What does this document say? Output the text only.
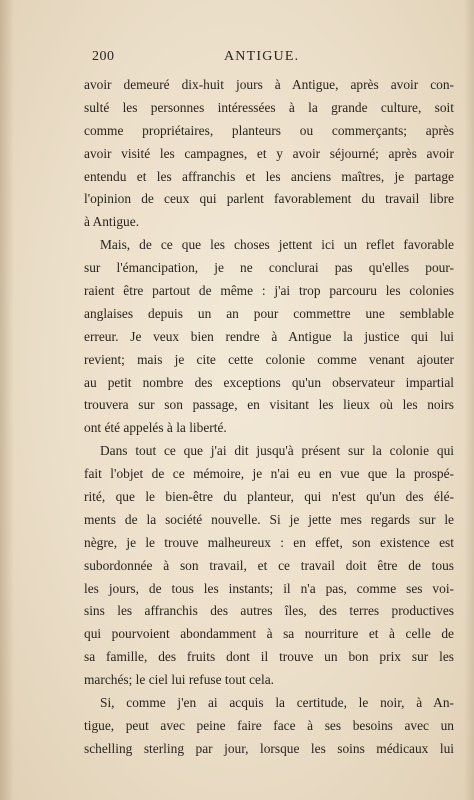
200	ANTIGUE.
avoir demeuré dix-huit jours à Antigue, après avoir con-
sulté les personnes intéressées à la grande culture, soit
comme propriétaires, planteurs ou commerçants; après
avoir visité les campagnes, et y avoir séjourné; après avoir
entendu et les affranchis et les anciens maîtres, je partage
l'opinion de ceux qui parlent favorablement du travail libre
à Antigue.
Mais, de ce que les choses jettent ici un reflet favorable
sur l'émancipation, je ne conclurai pas qu'elles pour-
raient être partout de même : j'ai trop parcouru les colonies
anglaises depuis un an pour commettre une semblable
erreur. Je veux bien rendre à Antigue la justice qui lui
revient; mais je cite cette colonie comme venant ajouter
au petit nombre des exceptions qu'un observateur impartial
trouvera sur son passage, en visitant les lieux où les noirs
ont été appelés à la liberté.
Dans tout ce que j'ai dit jusqu'à présent sur la colonie qui
fait l'objet de ce mémoire, je n'ai eu en vue que la prospé-
rité, que le bien-être du planteur, qui n'est qu'un des élé-
ments de la société nouvelle. Si je jette mes regards sur le
nègre, je le trouve malheureux : en effet, son existence est
subordonnée à son travail, et ce travail doit être de tous
les jours, de tous les instants; il n'a pas, comme ses voi-
sins les affranchis des autres îles, des terres productives
qui pourvoient abondamment à sa nourriture et à celle de
sa famille, des fruits dont il trouve un bon prix sur les
marchés; le ciel lui refuse tout cela.
Si, comme j'en ai acquis la certitude, le noir, à An-
tigue, peut avec peine faire face à ses besoins avec un
schelling sterling par jour, lorsque les soins médicaux lui
